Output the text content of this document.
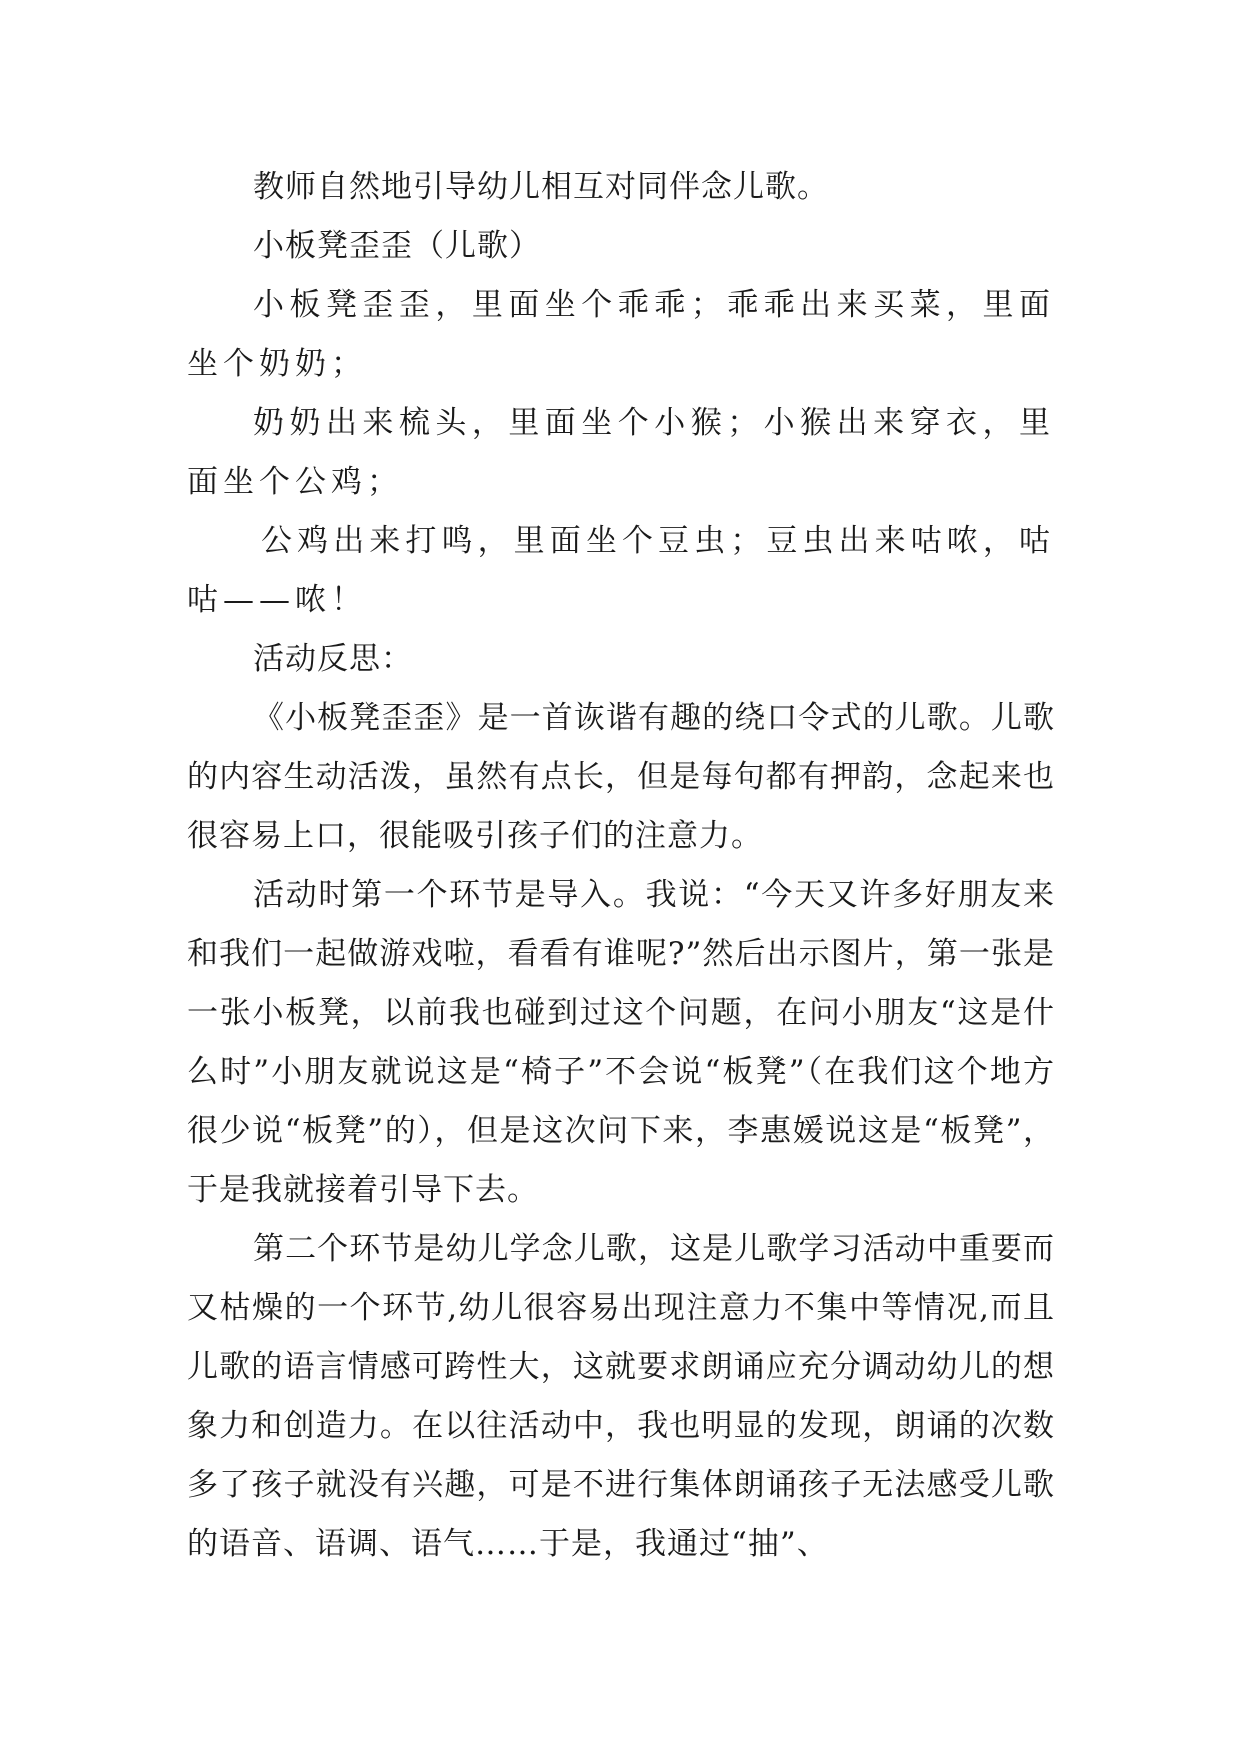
教师自然地引导幼儿相互对同伴念儿歌。

小板凳歪歪（儿歌）

小板凳歪歪，里面坐个乖乖；乖乖出来买菜，里面坐个奶奶；

奶奶出来梳头，里面坐个小猴；小猴出来穿衣，里面坐个公鸡；

公鸡出来打鸣，里面坐个豆虫；豆虫出来咕哝，咕咕——哝！

活动反思：

《小板凳歪歪》是一首诙谐有趣的绕口令式的儿歌。儿歌的内容生动活泼，虽然有点长，但是每句都有押韵，念起来也很容易上口，很能吸引孩子们的注意力。

活动时第一个环节是导入。我说：“今天又许多好朋友来和我们一起做游戏啦，看看有谁呢?”然后出示图片，第一张是一张小板凳，以前我也碰到过这个问题，在问小朋友“这是什么时”小朋友就说这是“椅子”不会说“板凳”（在我们这个地方很少说“板凳”的），但是这次问下来，李惠媛说这是“板凳”，于是我就接着引导下去。

第二个环节是幼儿学念儿歌，这是儿歌学习活动中重要而又枯燥的一个环节,幼儿很容易出现注意力不集中等情况,而且儿歌的语言情感可跨性大，这就要求朗诵应充分调动幼儿的想象力和创造力。在以往活动中，我也明显的发现，朗诵的次数多了孩子就没有兴趣，可是不进行集体朗诵孩子无法感受儿歌的语音、语调、语气……于是，我通过“抽”、
